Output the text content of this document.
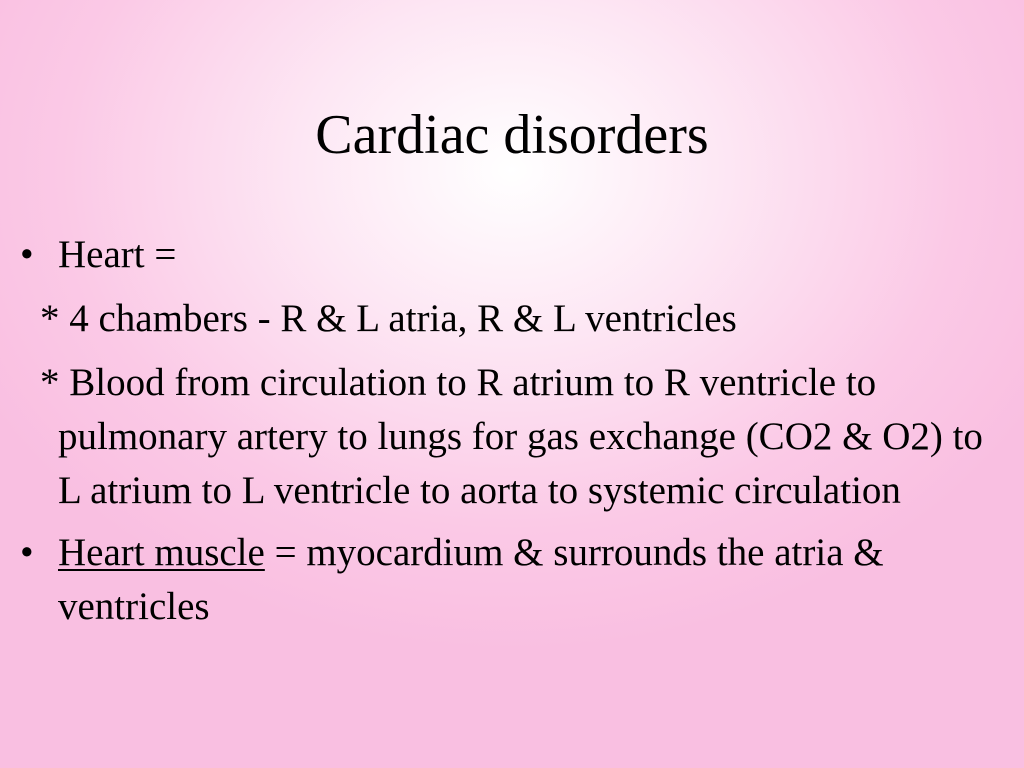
Cardiac disorders

• Heart =

* 4 chambers - R & L atria, R & L ventricles

* Blood from circulation to R atrium to R ventricle to pulmonary artery to lungs for gas exchange (CO2 & O2) to L atrium to L ventricle to aorta to systemic circulation

• Heart muscle = myocardium & surrounds the atria & ventricles
